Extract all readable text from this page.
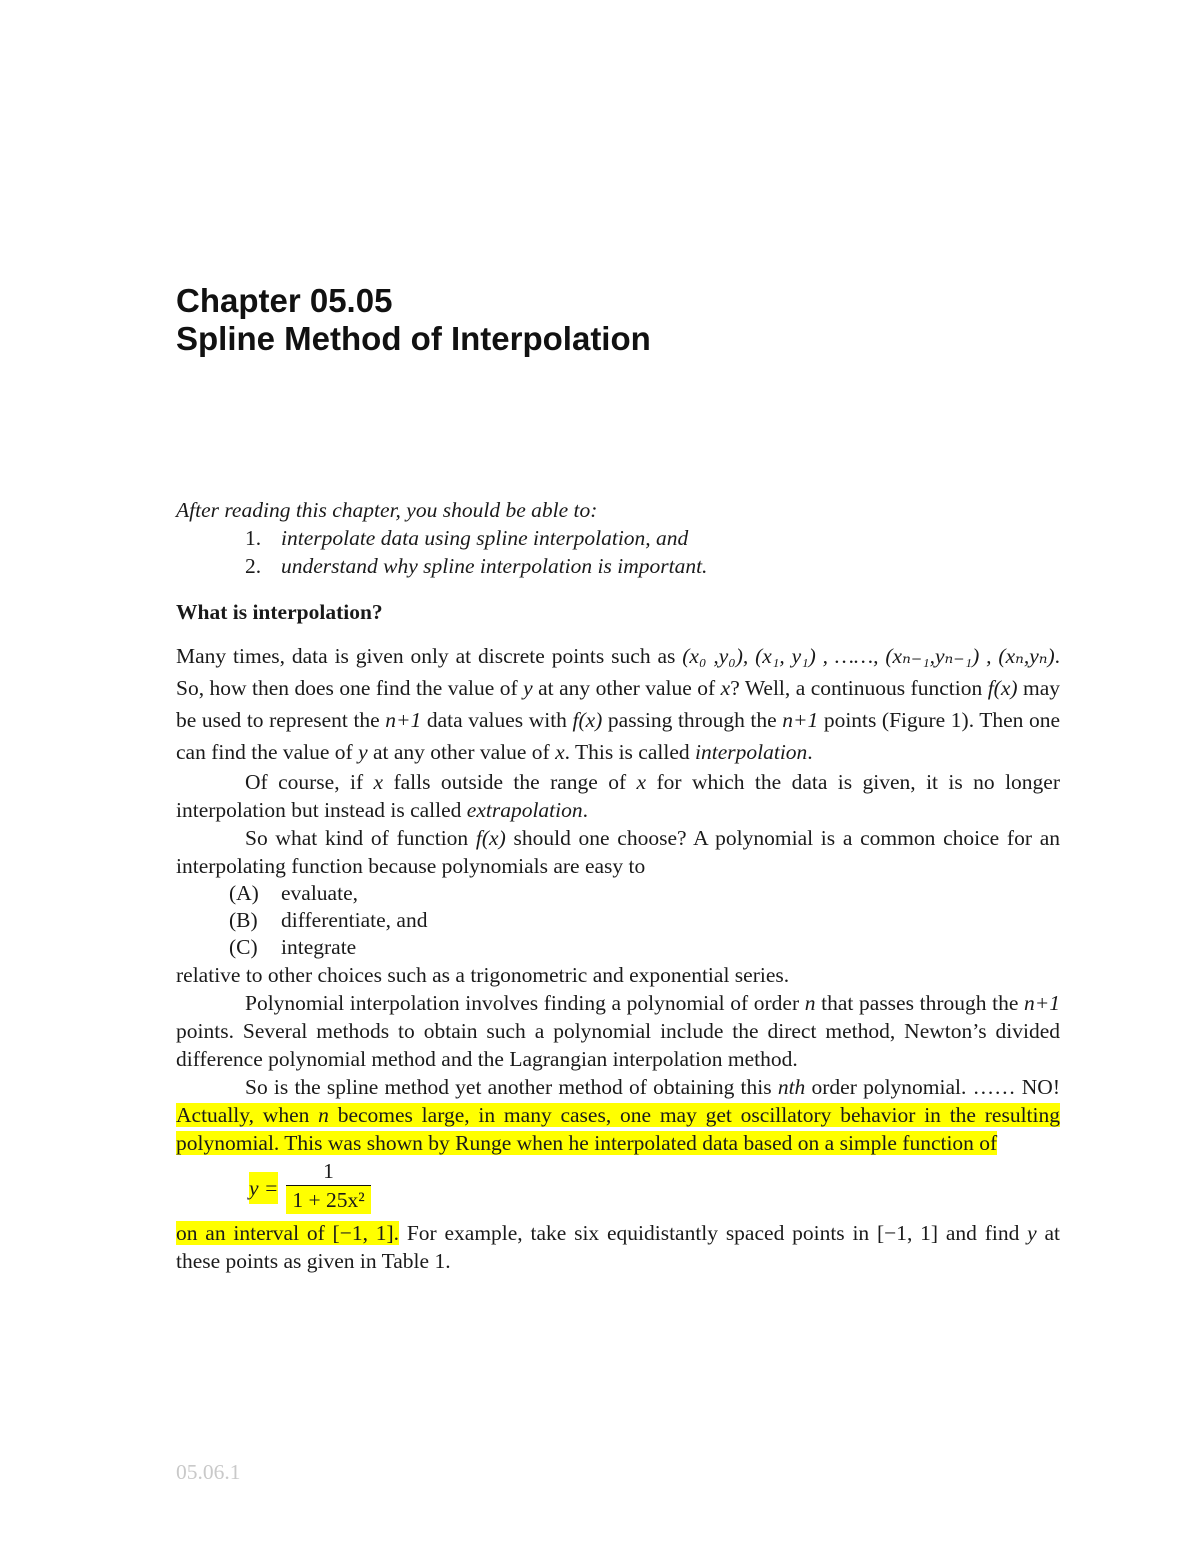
Chapter 05.05
Spline Method of Interpolation
After reading this chapter, you should be able to:
1. interpolate data using spline interpolation, and
2. understand why spline interpolation is important.
What is interpolation?

Many times, data is given only at discrete points such as (x₀ ,y₀), (x₁, y₁) , ……, (xₙ₋₁,yₙ₋₁) , (xₙ,yₙ). So, how then does one find the value of y at any other value of x? Well, a continuous function f(x) may be used to represent the n+1 data values with f(x) passing through the n+1 points (Figure 1). Then one can find the value of y at any other value of x. This is called interpolation.

Of course, if x falls outside the range of x for which the data is given, it is no longer interpolation but instead is called extrapolation.

So what kind of function f(x) should one choose? A polynomial is a common choice for an interpolating function because polynomials are easy to

(A) evaluate,
(B) differentiate, and
(C) integrate

relative to other choices such as a trigonometric and exponential series.

Polynomial interpolation involves finding a polynomial of order n that passes through the n+1 points. Several methods to obtain such a polynomial include the direct method, Newton’s divided difference polynomial method and the Lagrangian interpolation method.

So is the spline method yet another method of obtaining this nth order polynomial. …… NO! Actually, when n becomes large, in many cases, one may get oscillatory behavior in the resulting polynomial. This was shown by Runge when he interpolated data based on a simple function of

$y = \frac{1}{\text{1 + 25x²}}$

on an interval of [−1, 1]. For example, take six equidistantly spaced points in [−1, 1] and find y at these points as given in Table 1.

05.06.1
